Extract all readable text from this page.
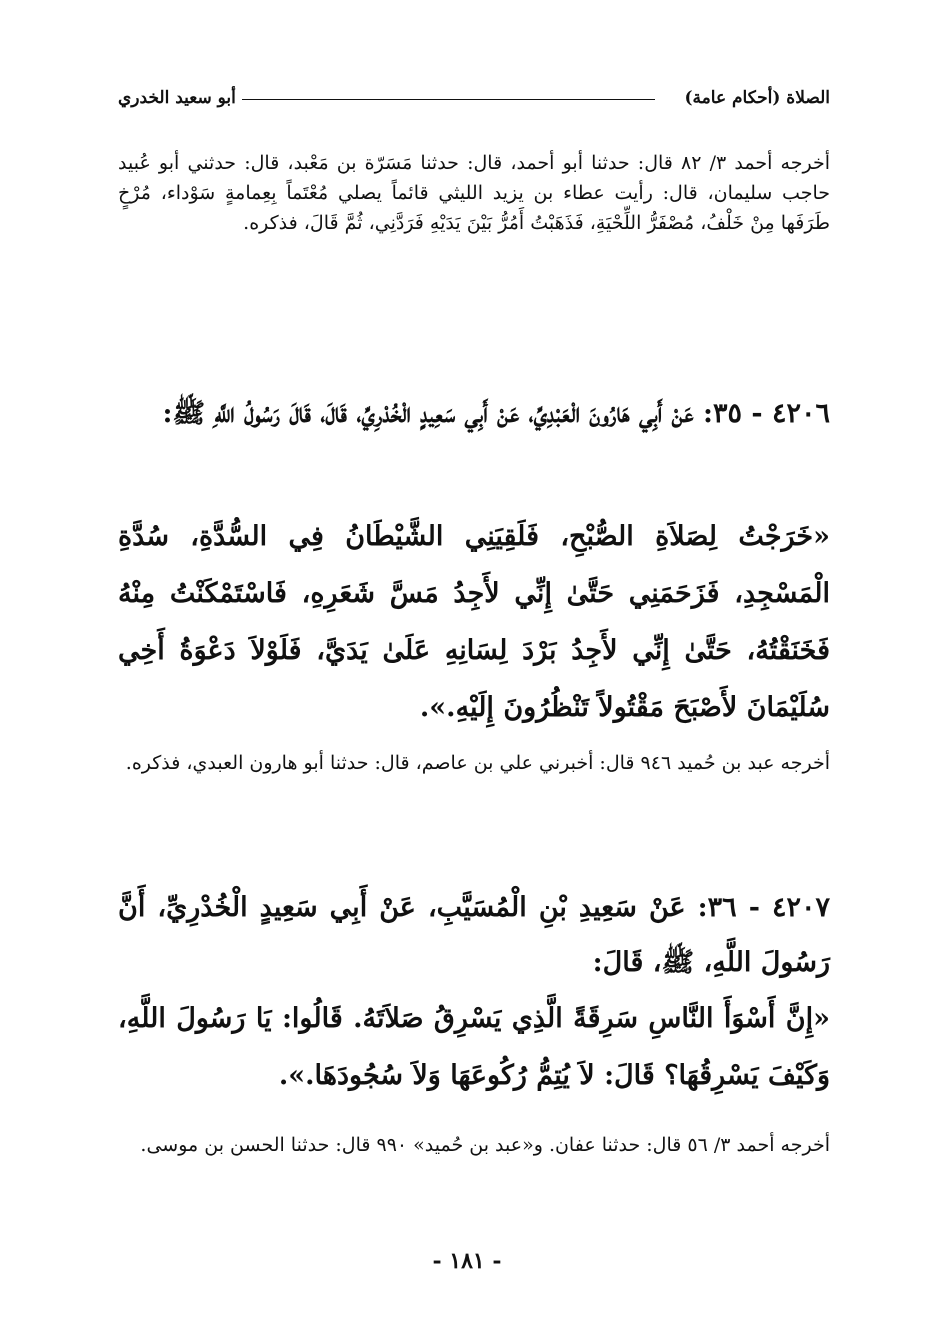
الصلاة (أحكام عامة)
أبو سعيد الخدري

أخرجه أحمد ٣/ ٨٢ قال: حدثنا أبو أحمد، قال: حدثنا مَسَرّة بن مَعْبد، قال: حدثني أبو عُبيد حاجب سليمان، قال: رأيت عطاء بن يزيد الليثي قائماً يصلي مُعْتَماً بِعِمامةٍ سَوْداء، مُرْخٍ طَرَفَها مِنْ خَلْفُ، مُصْفَرُّ اللِّحْيَةِ، فَذَهَبْتُ أَمُرُّ بَيْنَ يَدَيْهِ فَرَدَّنِي، ثُمَّ قَالَ، فذكره.

٤٢٠٦ - ٣٥: عَنْ أَبِي هَارُونَ الْعَبْدِيِّ، عَنْ أَبِي سَعِيدٍ الْخُدْرِيِّ، قَالَ، قَالَ رَسُولُ اللَّهِ ﷺ:

«خَرَجْتُ لِصَلاَةِ الصُّبْحِ، فَلَقِيَنِي الشَّيْطَانُ فِي السُّدَّةِ، سُدَّةِ الْمَسْجِدِ، فَزَحَمَنِي حَتَّىٰ إِنِّي لأَجِدُ مَسَّ شَعَرِهِ، فَاسْتَمْكَنْتُ مِنْهُ فَخَنَقْتُهُ، حَتَّىٰ إِنِّي لأَجِدُ بَرْدَ لِسَانِهِ عَلَىٰ يَدَيَّ، فَلَوْلاَ دَعْوَةُ أَخِي سُلَيْمَانَ لأَصْبَحَ مَقْتُولاً تَنْظُرُونَ إِلَيْهِ.».

أخرجه عبد بن حُميد ٩٤٦ قال: أخبرني علي بن عاصم، قال: حدثنا أبو هارون العبدي، فذكره.

٤٢٠٧ - ٣٦: عَنْ سَعِيدِ بْنِ الْمُسَيَّبِ، عَنْ أَبِي سَعِيدٍ الْخُدْرِيِّ، أَنَّ رَسُولَ اللَّهِ، ﷺ، قَالَ:

«إِنَّ أَسْوَأَ النَّاسِ سَرِقَةً الَّذِي يَسْرِقُ صَلاَتَهُ. قَالُوا: يَا رَسُولَ اللَّهِ، وَكَيْفَ يَسْرِقُهَا؟ قَالَ: لاَ يُتِمُّ رُكُوعَهَا وَلاَ سُجُودَهَا.».

أخرجه أحمد ٣/ ٥٦ قال: حدثنا عفان. و«عبد بن حُميد» ٩٩٠ قال: حدثنا الحسن بن موسى.

- ١٨١ -
